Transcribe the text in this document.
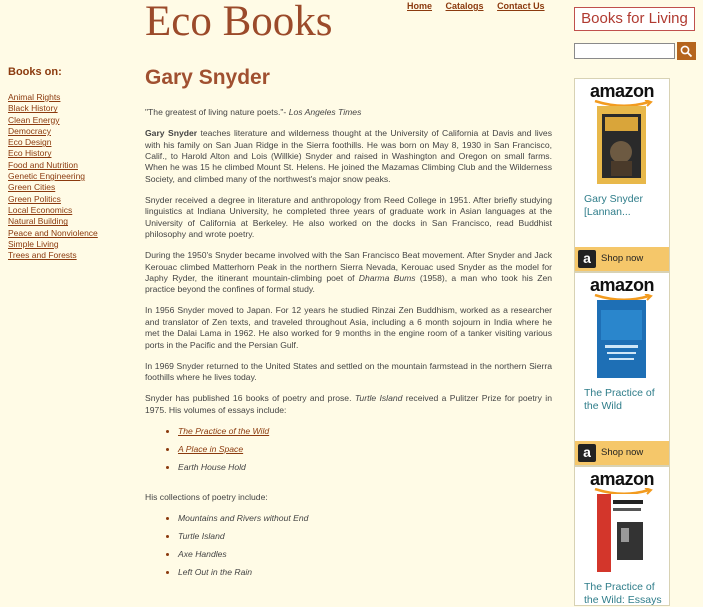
Eco Books	Home Catalogs Contact Us
Books for Living
Books on:
Animal Rights
Black History
Clean Energy
Democracy
Eco Design
Eco History
Food and Nutrition
Genetic Engineering
Green Cities
Green Politics
Local Economics
Natural Building
Peace and Nonviolence
Simple Living
Trees and Forests
Gary Snyder

"The greatest of living nature poets."- Los Angeles Times

Gary Snyder teaches literature and wilderness thought at the University of California at Davis and lives with his family on San Juan Ridge in the Sierra foothills. He was born on May 8, 1930 in San Francisco, Calif., to Harold Alton and Lois (Willkie) Snyder and raised in Washington and Oregon on small farms. When he was 15 he climbed Mount St. Helens. He joined the Mazamas Climbing Club and the Wilderness Society, and climbed many of the northwest's major snow peaks.

Snyder received a degree in literature and anthropology from Reed College in 1951. After briefly studying linguistics at Indiana University, he completed three years of graduate work in Asian languages at the University of California at Berkeley. He also worked on the docks in San Francisco, read Buddhist philosophy and wrote poetry.

During the 1950's Snyder became involved with the San Francisco Beat movement. After Snyder and Jack Kerouac climbed Matterhorn Peak in the northern Sierra Nevada, Kerouac used Snyder as the model for Japhy Ryder, the itinerant mountain-climbing poet of Dharma Bums (1958), a man who took his Zen practice beyond the confines of formal study.

In 1956 Snyder moved to Japan. For 12 years he studied Rinzai Zen Buddhism, worked as a researcher and translator of Zen texts, and traveled throughout Asia, including a 6 month sojourn in India where he met the Dalai Lama in 1962. He also worked for 9 months in the engine room of a tanker visiting various ports in the Pacific and the Persian Gulf.

In 1969 Snyder returned to the United States and settled on the mountain farmstead in the northern Sierra foothills where he lives today.

Snyder has published 16 books of poetry and prose. Turtle Island received a Pulitzer Prize for poetry in 1975. His volumes of essays include:

• The Practice of the Wild
• A Place in Space
• Earth House Hold

His collections of poetry include:

• Mountains and Rivers without End
• Turtle Island
• Axe Handles
• Left Out in the Rain
amazon
Gary Snyder [Lannan...
a	Shop now
amazon
The Practice of the Wild
a	Shop now
amazon
The Practice of the Wild: Essays
